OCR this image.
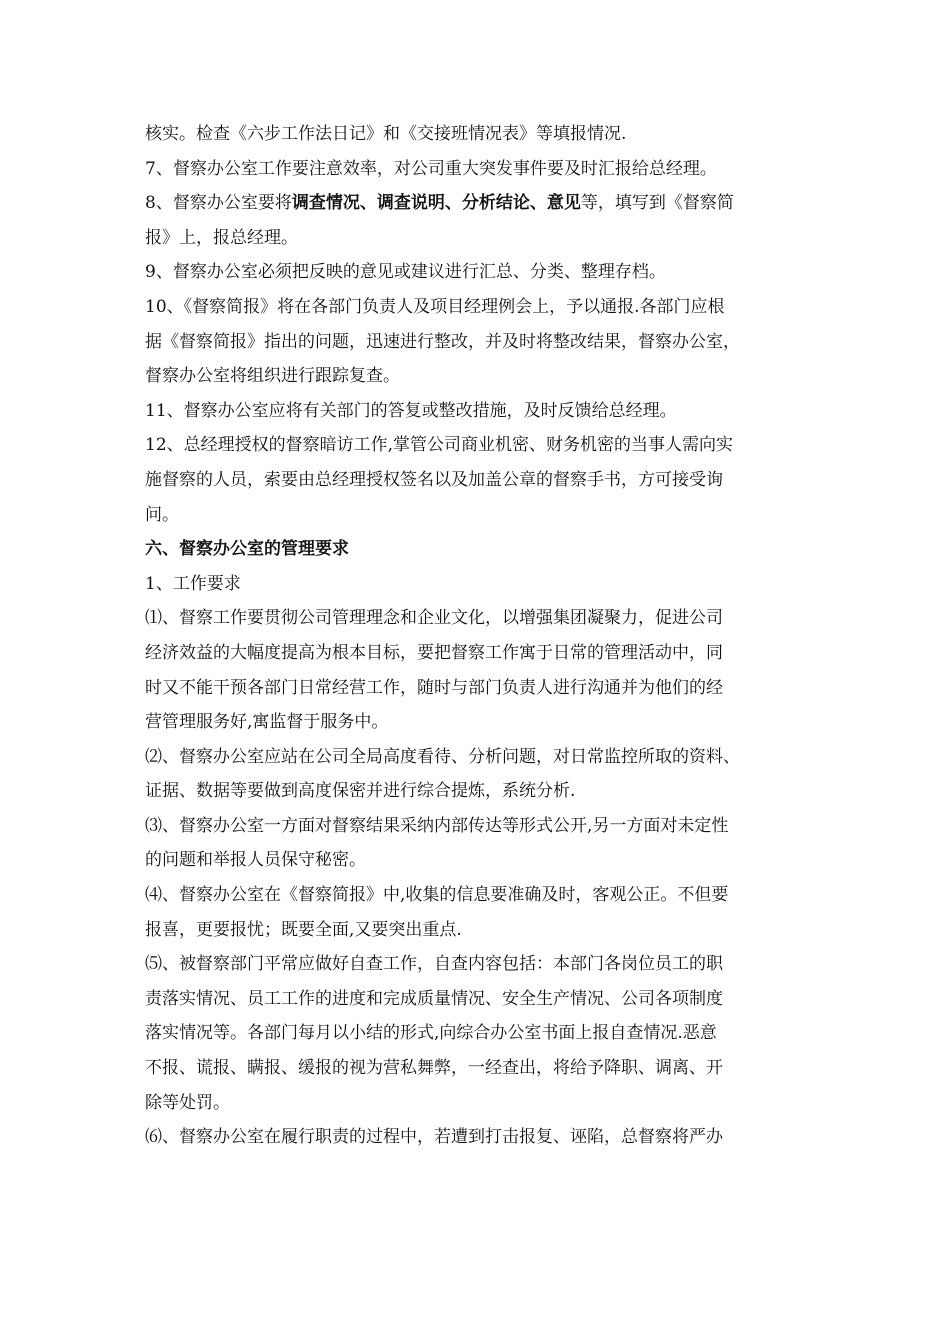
核实。检查《六步工作法日记》和《交接班情况表》等填报情况.
7、督察办公室工作要注意效率，对公司重大突发事件要及时汇报给总经理。
8、督察办公室要将调查情况、调查说明、分析结论、意见等，填写到《督察简
报》上，报总经理。
9、督察办公室必须把反映的意见或建议进行汇总、分类、整理存档。
10、《督察简报》将在各部门负责人及项目经理例会上，予以通报.各部门应根
据《督察简报》指出的问题，迅速进行整改，并及时将整改结果，督察办公室，
督察办公室将组织进行跟踪复查。
11、督察办公室应将有关部门的答复或整改措施，及时反馈给总经理。
12、总经理授权的督察暗访工作,掌管公司商业机密、财务机密的当事人需向实
施督察的人员，索要由总经理授权签名以及加盖公章的督察手书，方可接受询
问。
六、督察办公室的管理要求
1、工作要求
⑴、督察工作要贯彻公司管理理念和企业文化，以增强集团凝聚力，促进公司
经济效益的大幅度提高为根本目标，要把督察工作寓于日常的管理活动中，同
时又不能干预各部门日常经营工作，随时与部门负责人进行沟通并为他们的经
营管理服务好,寓监督于服务中。
⑵、督察办公室应站在公司全局高度看待、分析问题，对日常监控所取的资料、
证据、数据等要做到高度保密并进行综合提炼，系统分析.
⑶、督察办公室一方面对督察结果采纳内部传达等形式公开,另一方面对未定性
的问题和举报人员保守秘密。
⑷、督察办公室在《督察简报》中,收集的信息要准确及时，客观公正。不但要
报喜，更要报忧；既要全面,又要突出重点.
⑸、被督察部门平常应做好自查工作，自查内容包括：本部门各岗位员工的职
责落实情况、员工工作的进度和完成质量情况、安全生产情况、公司各项制度
落实情况等。各部门每月以小结的形式,向综合办公室书面上报自查情况.恶意
不报、谎报、瞒报、缓报的视为营私舞弊，一经查出，将给予降职、调离、开
除等处罚。
⑹、督察办公室在履行职责的过程中，若遭到打击报复、诬陷，总督察将严办
